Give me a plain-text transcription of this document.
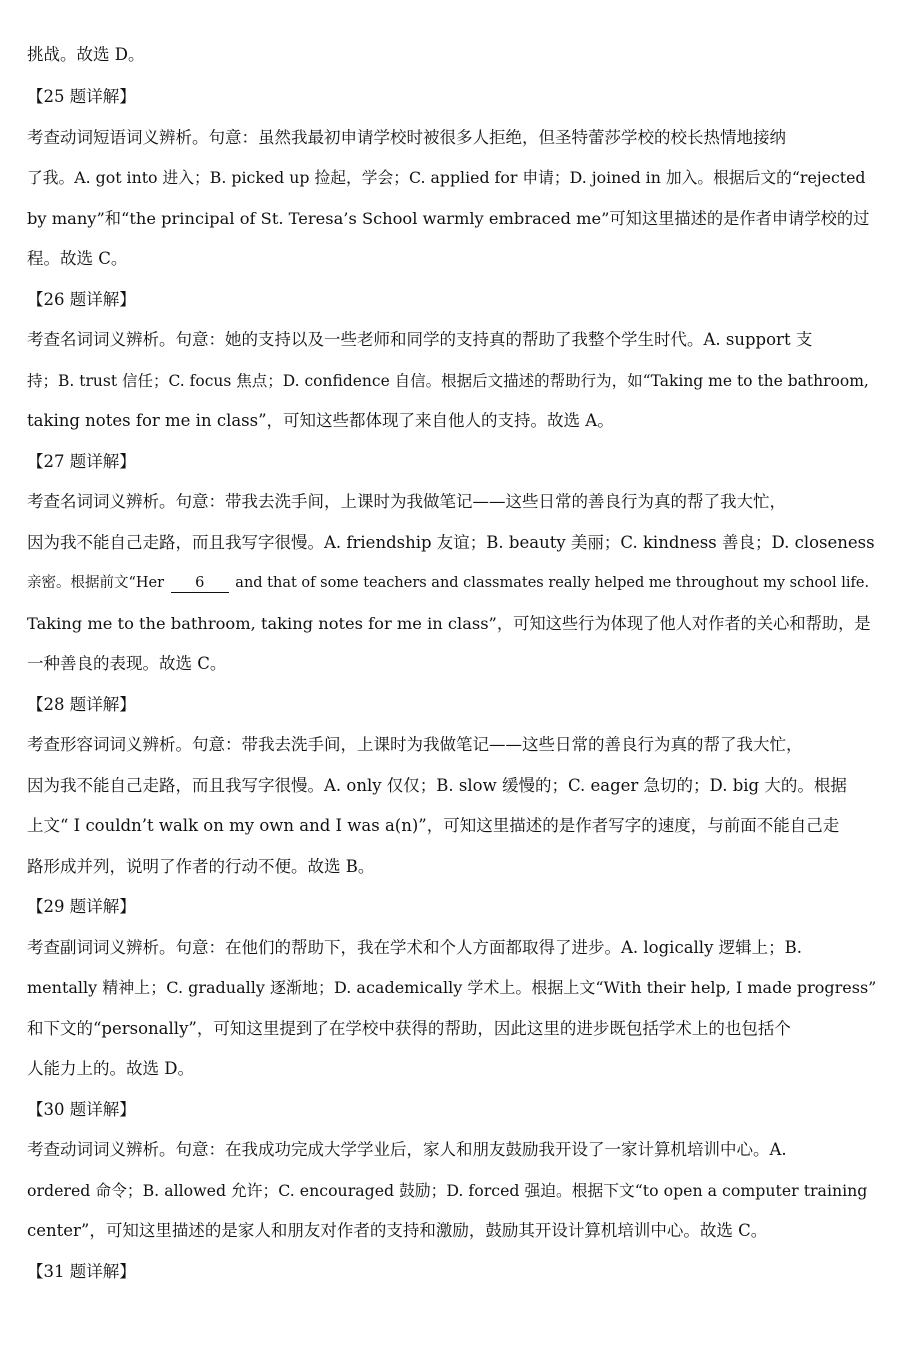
挑战。故选 D。
【25 题详解】
考查动词短语词义辨析。句意：虽然我最初申请学校时被很多人拒绝，但圣特蕾莎学校的校长热情地接纳
了我。A. got into 进入；B. picked up 捡起，学会；C. applied for 申请；D. joined in 加入。根据后文的“rejected
by many”和“the principal of St. Teresa’s School warmly embraced me”可知这里描述的是作者申请学校的过
程。故选 C。
【26 题详解】
考查名词词义辨析。句意：她的支持以及一些老师和同学的支持真的帮助了我整个学生时代。A. support 支
持；B. trust 信任；C. focus 焦点；D. confidence 自信。根据后文描述的帮助行为，如“Taking me to the bathroom,
taking notes for me in class”，可知这些都体现了来自他人的支持。故选 A。
【27 题详解】
考查名词词义辨析。句意：带我去洗手间，上课时为我做笔记——这些日常的善良行为真的帮了我大忙，
因为我不能自己走路，而且我写字很慢。A. friendship 友谊；B. beauty 美丽；C. kindness 善良；D. closeness
亲密。根据前文“Her 6 and that of some teachers and classmates really helped me throughout my school life.
Taking me to the bathroom, taking notes for me in class”，可知这些行为体现了他人对作者的关心和帮助，是
一种善良的表现。故选 C。
【28 题详解】
考查形容词词义辨析。句意：带我去洗手间，上课时为我做笔记——这些日常的善良行为真的帮了我大忙，
因为我不能自己走路，而且我写字很慢。A. only 仅仅；B. slow 缓慢的；C. eager 急切的；D. big 大的。根据
上文“ I couldn’t walk on my own and I was a(n)”，可知这里描述的是作者写字的速度，与前面不能自己走
路形成并列，说明了作者的行动不便。故选 B。
【29 题详解】
考查副词词义辨析。句意：在他们的帮助下，我在学术和个人方面都取得了进步。A. logically 逻辑上；B.
mentally 精神上；C. gradually 逐渐地；D. academically 学术上。根据上文“With their help, I made progress”
和下文的“personally”，可知这里提到了在学校中获得的帮助，因此这里的进步既包括学术上的也包括个
人能力上的。故选 D。
【30 题详解】
考查动词词义辨析。句意：在我成功完成大学学业后，家人和朋友鼓励我开设了一家计算机培训中心。A.
ordered 命令；B. allowed 允许；C. encouraged 鼓励；D. forced 强迫。根据下文“to open a computer training
center”，可知这里描述的是家人和朋友对作者的支持和激励，鼓励其开设计算机培训中心。故选 C。
【31 题详解】
